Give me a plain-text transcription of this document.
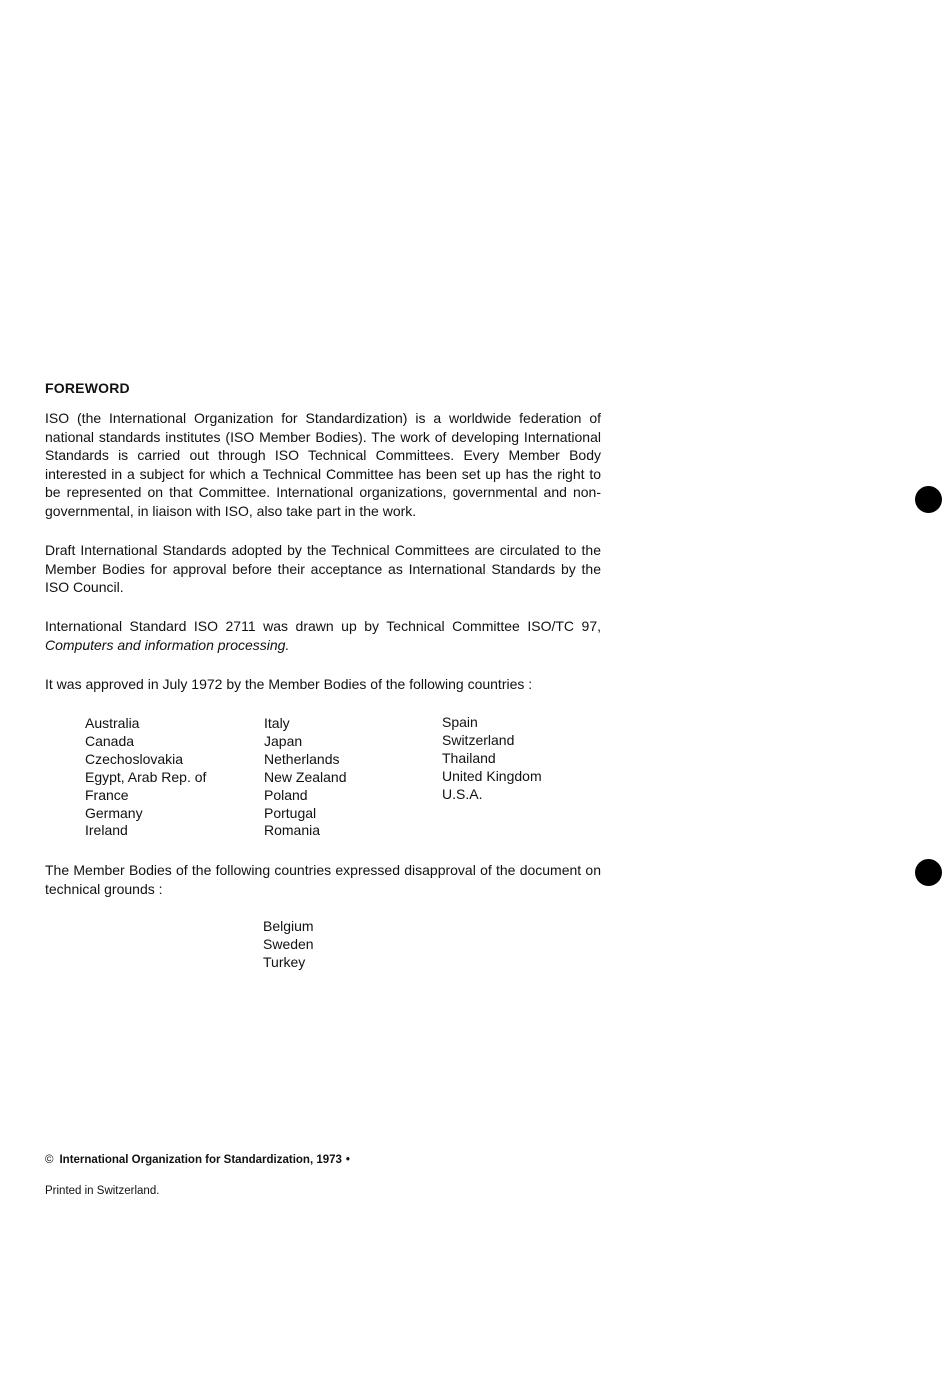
FOREWORD
ISO (the International Organization for Standardization) is a worldwide federation of national standards institutes (ISO Member Bodies). The work of developing International Standards is carried out through ISO Technical Committees. Every Member Body interested in a subject for which a Technical Committee has been set up has the right to be represented on that Committee. International organizations, governmental and non-governmental, in liaison with ISO, also take part in the work.
Draft International Standards adopted by the Technical Committees are circulated to the Member Bodies for approval before their acceptance as International Standards by the ISO Council.
International Standard ISO 2711 was drawn up by Technical Committee ISO/TC 97, Computers and information processing.
It was approved in July 1972 by the Member Bodies of the following countries :
Australia
Canada
Czechoslovakia
Egypt, Arab Rep. of
France
Germany
Ireland
Italy
Japan
Netherlands
New Zealand
Poland
Portugal
Romania
Spain
Switzerland
Thailand
United Kingdom
U.S.A.
The Member Bodies of the following countries expressed disapproval of the document on technical grounds :
Belgium
Sweden
Turkey
© International Organization for Standardization, 1973 •
Printed in Switzerland.
